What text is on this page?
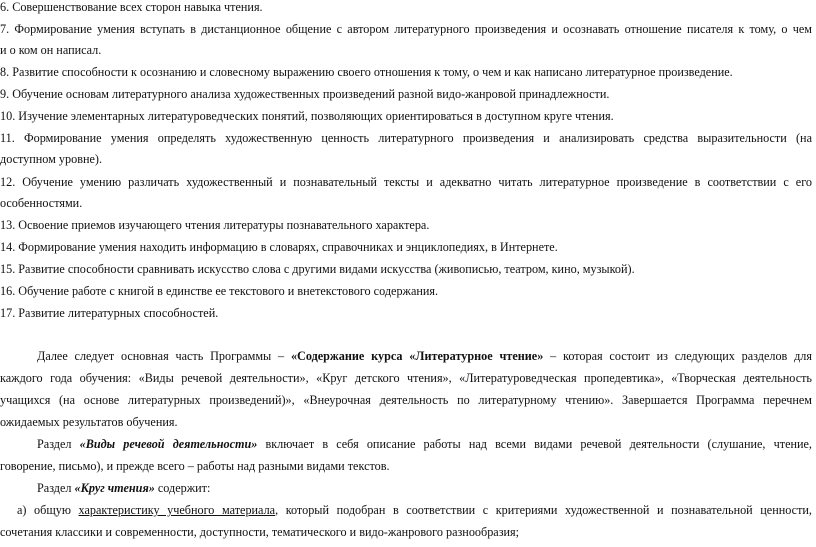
6. Совершенствование всех сторон навыка чтения.
7. Формирование умения вступать в дистанционное общение с автором литературного произведения и осознавать отношение писателя к тому, о чем
и о ком он написал.
8. Развитие способности к осознанию и словесному выражению своего отношения к тому, о чем и как написано литературное произведение.
9. Обучение основам литературного анализа художественных произведений разной видо-жанровой принадлежности.
10. Изучение элементарных литературоведческих понятий, позволяющих ориентироваться в доступном круге чтения.
11. Формирование умения определять художественную ценность литературного произведения и анализировать средства выразительности (на
доступном уровне).
12. Обучение умению различать художественный и познавательный тексты и адекватно читать литературное произведение в соответствии с его
особенностями.
13. Освоение приемов изучающего чтения литературы познавательного характера.
14. Формирование умения находить информацию в словарях, справочниках и энциклопедиях, в Интернете.
15. Развитие способности сравнивать искусство слова с другими видами искусства (живописью, театром, кино, музыкой).
16. Обучение работе с книгой в единстве ее текстового и внетекстового содержания.
17. Развитие литературных способностей.
Далее следует основная часть Программы – «Содержание курса «Литературное чтение» – которая состоит из следующих разделов для
каждого года обучения: «Виды речевой деятельности», «Круг детского чтения», «Литературоведческая пропедевтика», «Творческая деятельность
учащихся (на основе литературных произведений)», «Внеурочная деятельность по литературному чтению». Завершается Программа перечнем
ожидаемых результатов обучения.
Раздел «Виды речевой деятельности» включает в себя описание работы над всеми видами речевой деятельности (слушание, чтение,
говорение, письмо), и прежде всего – работы над разными видами текстов.
Раздел «Круг чтения» содержит:
а) общую характеристику учебного материала, который подобран в соответствии с критериями художественной и познавательной ценности,
сочетания классики и современности, доступности, тематического и видо-жанрового разнообразия;
